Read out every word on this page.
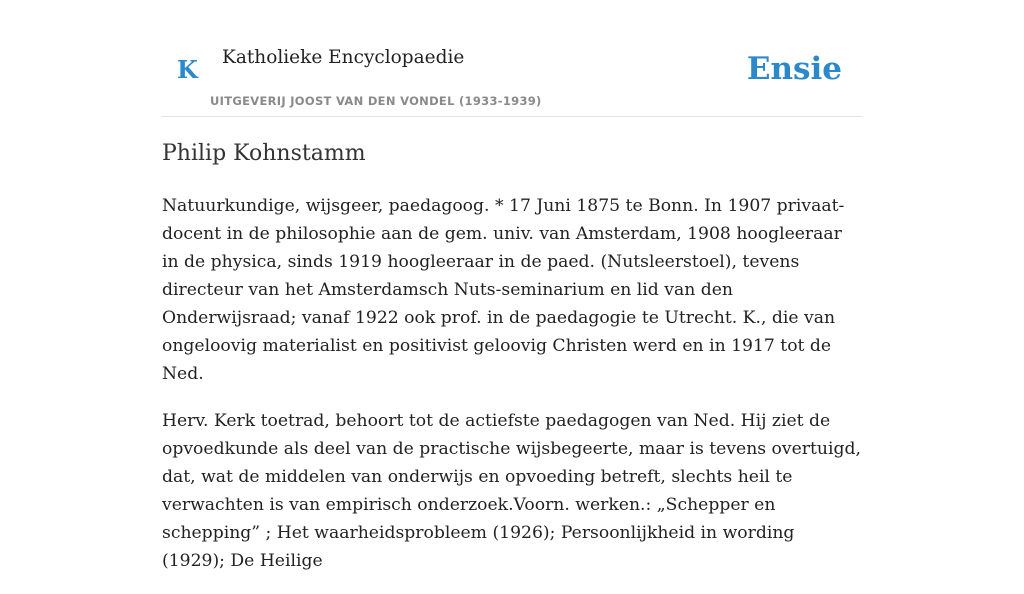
K Katholieke Encyclopaedie
UITGEVERIJ JOOST VAN DEN VONDEL (1933-1939)
Ensie
Philip Kohnstamm

Natuurkundige, wijsgeer, paedagoog. * 17 Juni 1875 te Bonn. In 1907 privaat-docent in de philosophie aan de gem. univ. van Amsterdam, 1908 hoogleeraar in de physica, sinds 1919 hoogleeraar in de paed. (Nutsleerstoel), tevens directeur van het Amsterdamsch Nuts-seminarium en lid van den Onderwijsraad; vanaf 1922 ook prof. in de paedagogie te Utrecht. K., die van ongeloovig materialist en positivist geloovig Christen werd en in 1917 tot de Ned.

Herv. Kerk toetrad, behoort tot de actiefste paedagogen van Ned. Hij ziet de opvoedkunde als deel van de practische wijsbegeerte, maar is tevens overtuigd, dat, wat de middelen van onderwijs en opvoeding betreft, slechts heil te verwachten is van empirisch onderzoek.Voorn. werken.: „Schepper en schepping” ; Het waarheidsprobleem (1926); Persoonlijkheid in wording (1929); De Heilige
